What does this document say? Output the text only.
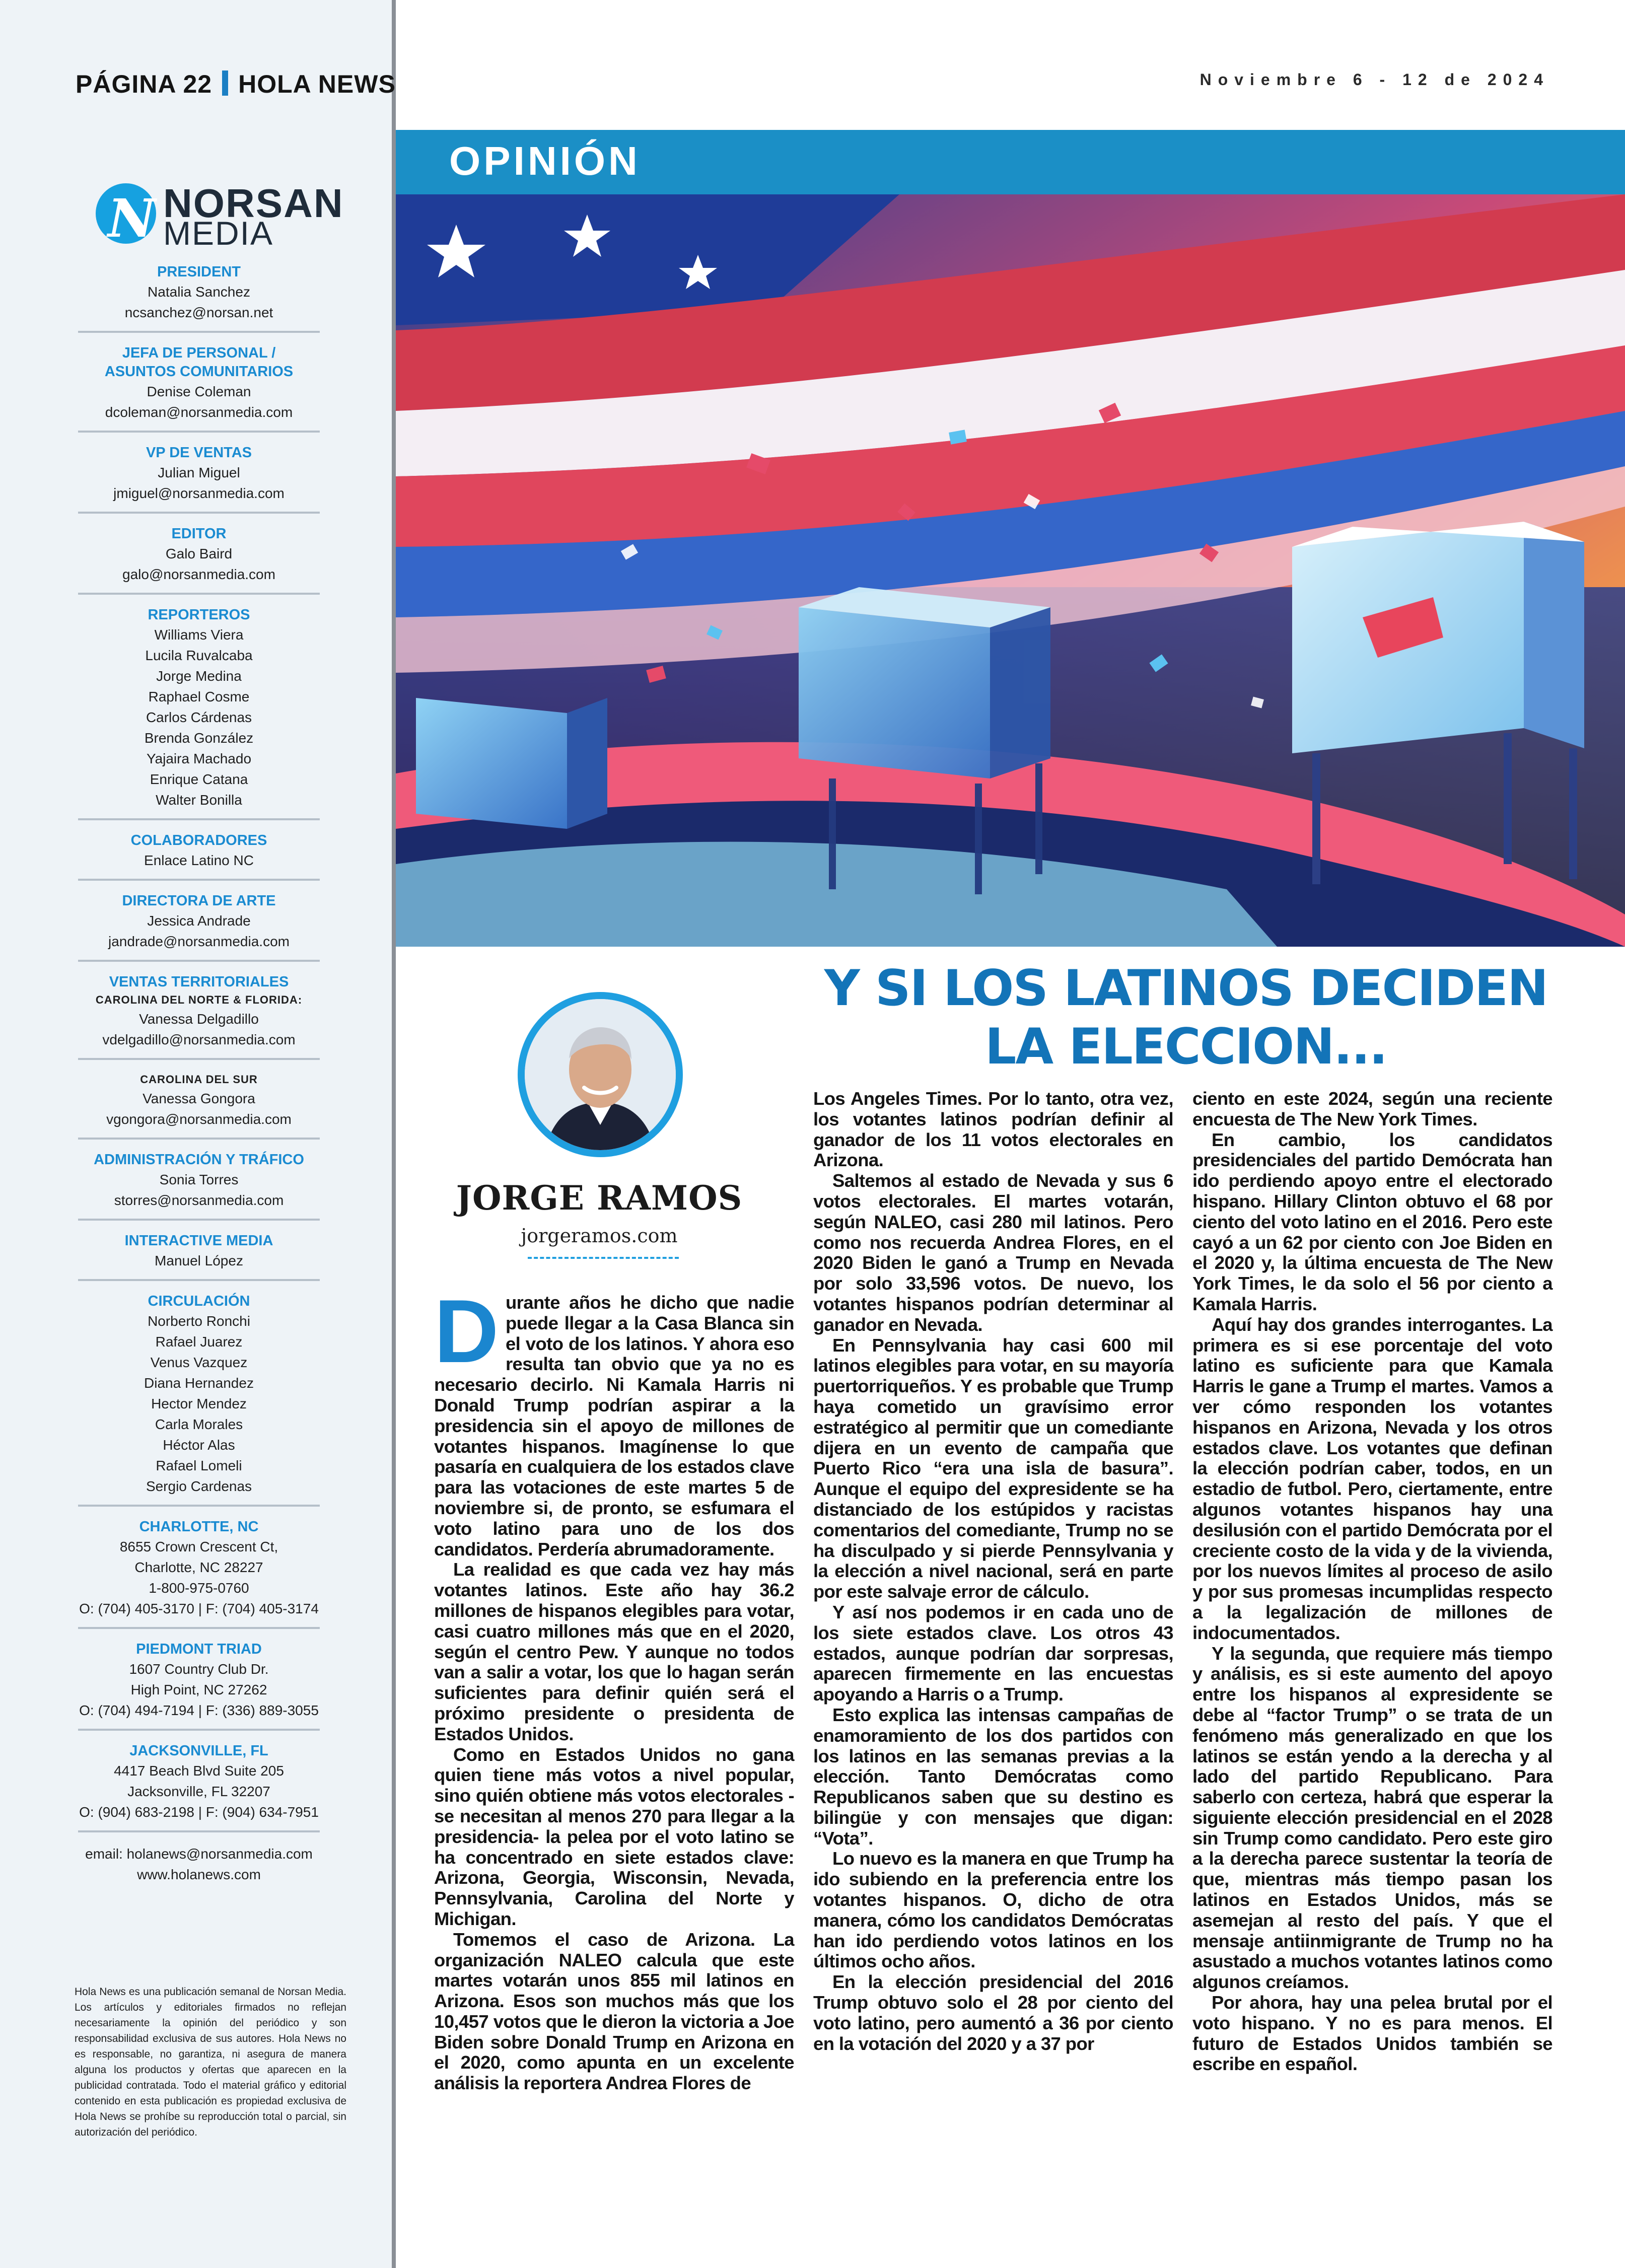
PÁGINA 22 HOLA NEWS	Noviembre 6 - 12 de 2024
N NORSAN
MEDIA
PRESIDENT
Natalia Sanchez
ncsanchez@norsan.net
JEFA DE PERSONAL /
ASUNTOS COMUNITARIOS
Denise Coleman
dcoleman@norsanmedia.com
VP DE VENTAS
Julian Miguel
jmiguel@norsanmedia.com
EDITOR
Galo Baird
galo@norsanmedia.com
REPORTEROS
Williams Viera
Lucila Ruvalcaba
Jorge Medina
Raphael Cosme
Carlos Cárdenas
Brenda González
Yajaira Machado
Enrique Catana
Walter Bonilla
COLABORADORES
Enlace Latino NC
DIRECTORA DE ARTE
Jessica Andrade
jandrade@norsanmedia.com
VENTAS TERRITORIALES
CAROLINA DEL NORTE & FLORIDA:
Vanessa Delgadillo
vdelgadillo@norsanmedia.com
CAROLINA DEL SUR
Vanessa Gongora
vgongora@norsanmedia.com
ADMINISTRACIÓN Y TRÁFICO
Sonia Torres
storres@norsanmedia.com
INTERACTIVE MEDIA
Manuel López
CIRCULACIÓN
Norberto Ronchi
Rafael Juarez
Venus Vazquez
Diana Hernandez
Hector Mendez
Carla Morales
Héctor Alas
Rafael Lomeli
Sergio Cardenas
CHARLOTTE, NC
8655 Crown Crescent Ct,
Charlotte, NC 28227
1-800-975-0760
O: (704) 405-3170 | F: (704) 405-3174
PIEDMONT TRIAD
1607 Country Club Dr.
High Point, NC 27262
O: (704) 494-7194 | F: (336) 889-3055
JACKSONVILLE, FL
4417 Beach Blvd Suite 205
Jacksonville, FL 32207
O: (904) 683-2198 | F: (904) 634-7951
email: holanews@norsanmedia.com
www.holanews.com
Hola News es una publicación semanal de Norsan Media. Los artículos y editoriales firmados no reflejan necesariamente la opinión del periódico y son responsabilidad exclusiva de sus autores. Hola News no es responsable, no garantiza, ni asegura de manera alguna los productos y ofertas que aparecen en la publicidad contratada. Todo el material gráfico y editorial contenido en esta publicación es propiedad exclusiva de Hola News se prohíbe su reproducción total o parcial, sin autorización del periódico.
OPINIÓN
JORGE RAMOS
jorgeramos.com
Y SI LOS LATINOS DECIDEN LA ELECCION...

Durante años he dicho que nadie puede llegar a la Casa Blanca sin el voto de los latinos. Y ahora eso resulta tan obvio que ya no es necesario decirlo. Ni Kamala Harris ni Donald Trump podrían aspirar a la presidencia sin el apoyo de millones de votantes hispanos. Imagínense lo que pasaría en cualquiera de los estados clave para las votaciones de este martes 5 de noviembre si, de pronto, se esfumara el voto latino para uno de los dos candidatos. Perdería abrumadoramente.

La realidad es que cada vez hay más votantes latinos. Este año hay 36.2 millones de hispanos elegibles para votar, casi cuatro millones más que en el 2020, según el centro Pew. Y aunque no todos van a salir a votar, los que lo hagan serán suficientes para definir quién será el próximo presidente o presidenta de Estados Unidos.

Como en Estados Unidos no gana quien tiene más votos a nivel popular, sino quién obtiene más votos electorales -se necesitan al menos 270 para llegar a la presidencia- la pelea por el voto latino se ha concentrado en siete estados clave: Arizona, Georgia, Wisconsin, Nevada, Pennsylvania, Carolina del Norte y Michigan.

Tomemos el caso de Arizona. La organización NALEO calcula que este martes votarán unos 855 mil latinos en Arizona. Esos son muchos más que los 10,457 votos que le dieron la victoria a Joe Biden sobre Donald Trump en Arizona en el 2020, como apunta en un excelente análisis la reportera Andrea Flores de

Los Angeles Times. Por lo tanto, otra vez, los votantes latinos podrían definir al ganador de los 11 votos electorales en Arizona.

Saltemos al estado de Nevada y sus 6 votos electorales. El martes votarán, según NALEO, casi 280 mil latinos. Pero como nos recuerda Andrea Flores, en el 2020 Biden le ganó a Trump en Nevada por solo 33,596 votos. De nuevo, los votantes hispanos podrían determinar al ganador en Nevada.

En Pennsylvania hay casi 600 mil latinos elegibles para votar, en su mayoría puertorriqueños. Y es probable que Trump haya cometido un gravísimo error estratégico al permitir que un comediante dijera en un evento de campaña que Puerto Rico “era una isla de basura”. Aunque el equipo del expresidente se ha distanciado de los estúpidos y racistas comentarios del comediante, Trump no se ha disculpado y si pierde Pennsylvania y la elección a nivel nacional, será en parte por este salvaje error de cálculo.

Y así nos podemos ir en cada uno de los siete estados clave. Los otros 43 estados, aunque podrían dar sorpresas, aparecen firmemente en las encuestas apoyando a Harris o a Trump.

Esto explica las intensas campañas de enamoramiento de los dos partidos con los latinos en las semanas previas a la elección. Tanto Demócratas como Republicanos saben que su destino es bilingüe y con mensajes que digan: “Vota”.

Lo nuevo es la manera en que Trump ha ido subiendo en la preferencia entre los votantes hispanos. O, dicho de otra manera, cómo los candidatos Demócratas han ido perdiendo votos latinos en los últimos ocho años.

En la elección presidencial del 2016 Trump obtuvo solo el 28 por ciento del voto latino, pero aumentó a 36 por ciento en la votación del 2020 y a 37 por

ciento en este 2024, según una reciente encuesta de The New York Times.

En cambio, los candidatos presidenciales del partido Demócrata han ido perdiendo apoyo entre el electorado hispano. Hillary Clinton obtuvo el 68 por ciento del voto latino en el 2016. Pero este cayó a un 62 por ciento con Joe Biden en el 2020 y, la última encuesta de The New York Times, le da solo el 56 por ciento a Kamala Harris.

Aquí hay dos grandes interrogantes. La primera es si ese porcentaje del voto latino es suficiente para que Kamala Harris le gane a Trump el martes. Vamos a ver cómo responden los votantes hispanos en Arizona, Nevada y los otros estados clave. Los votantes que definan la elección podrían caber, todos, en un estadio de futbol. Pero, ciertamente, entre algunos votantes hispanos hay una desilusión con el partido Demócrata por el creciente costo de la vida y de la vivienda, por los nuevos límites al proceso de asilo y por sus promesas incumplidas respecto a la legalización de millones de indocumentados.

Y la segunda, que requiere más tiempo y análisis, es si este aumento del apoyo entre los hispanos al expresidente se debe al “factor Trump” o se trata de un fenómeno más generalizado en que los latinos se están yendo a la derecha y al lado del partido Republicano. Para saberlo con certeza, habrá que esperar la siguiente elección presidencial en el 2028 sin Trump como candidato. Pero este giro a la derecha parece sustentar la teoría de que, mientras más tiempo pasan los latinos en Estados Unidos, más se asemejan al resto del país. Y que el mensaje antiinmigrante de Trump no ha asustado a muchos votantes latinos como algunos creíamos.

Por ahora, hay una pelea brutal por el voto hispano. Y no es para menos. El futuro de Estados Unidos también se escribe en español.
